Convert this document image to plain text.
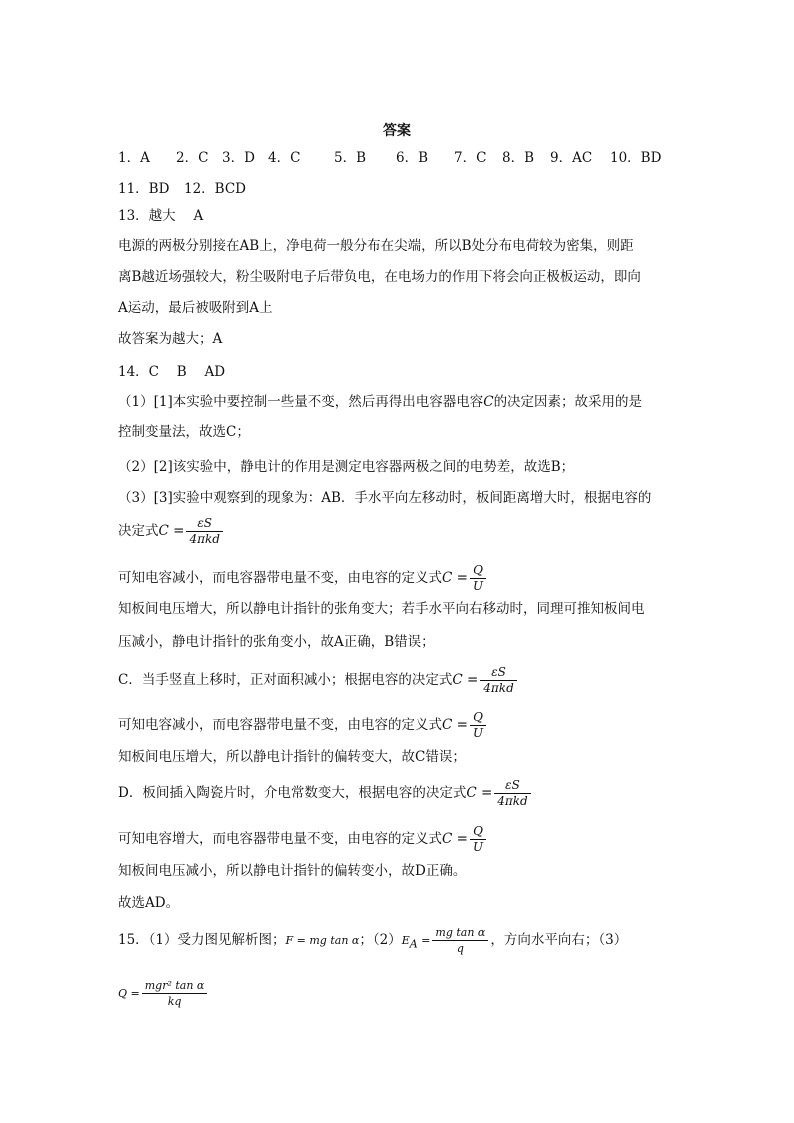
答案
1．A 2．C 3．D 4．C 5．B 6．B 7．C 8．B 9．AC 10．BD
11．BD 12．BCD
13．越大　 A
电源的两极分别接在AB上，净电荷一般分布在尖端，所以B处分布电荷较为密集，则距
离B越近场强较大，粉尘吸附电子后带负电，在电场力的作用下将会向正极板运动，即向
A运动，最后被吸附到A上
故答案为越大；A
14．C　 B　 AD
（1）[1]本实验中要控制一些量不变，然后再得出电容器电容C的决定因素；故采用的是
控制变量法，故选C；
（2）[2]该实验中，静电计的作用是测定电容器两极之间的电势差，故选B；
（3）[3]实验中观察到的现象为：AB．手水平向左移动时，板间距离增大时，根据电容的
决定式$C = \frac{\varepsilon S}{\text{4πkd}}$
可知电容减小，而电容器带电量不变，由电容的定义式$C = \frac{Q}{U}$
知板间电压增大，所以静电计指针的张角变大；若手水平向右移动时，同理可推知板间电
压减小，静电计指针的张角变小，故A正确，B错误；
C．当手竖直上移时，正对面积减小；根据电容的决定式$C = \frac{\varepsilon S}{\text{4πkd}}$
可知电容减小，而电容器带电量不变，由电容的定义式$C = \frac{Q}{U}$
知板间电压增大，所以静电计指针的偏转变大，故C错误；
D．板间插入陶瓷片时，介电常数变大，根据电容的决定式$C = \frac{\varepsilon S}{\text{4πkd}}$
可知电容增大，而电容器带电量不变，由电容的定义式$C = \frac{Q}{U}$
知板间电压减小，所以静电计指针的偏转变小，故D正确。
故选AD。
15．（1）受力图见解析图；F = mg tan α；$(2)E_A = \frac{\text{mg tan α}}{q}$ ，方向水平向右；（3）
$Q = \frac{\text{mgr² tan α}}{kq}$
